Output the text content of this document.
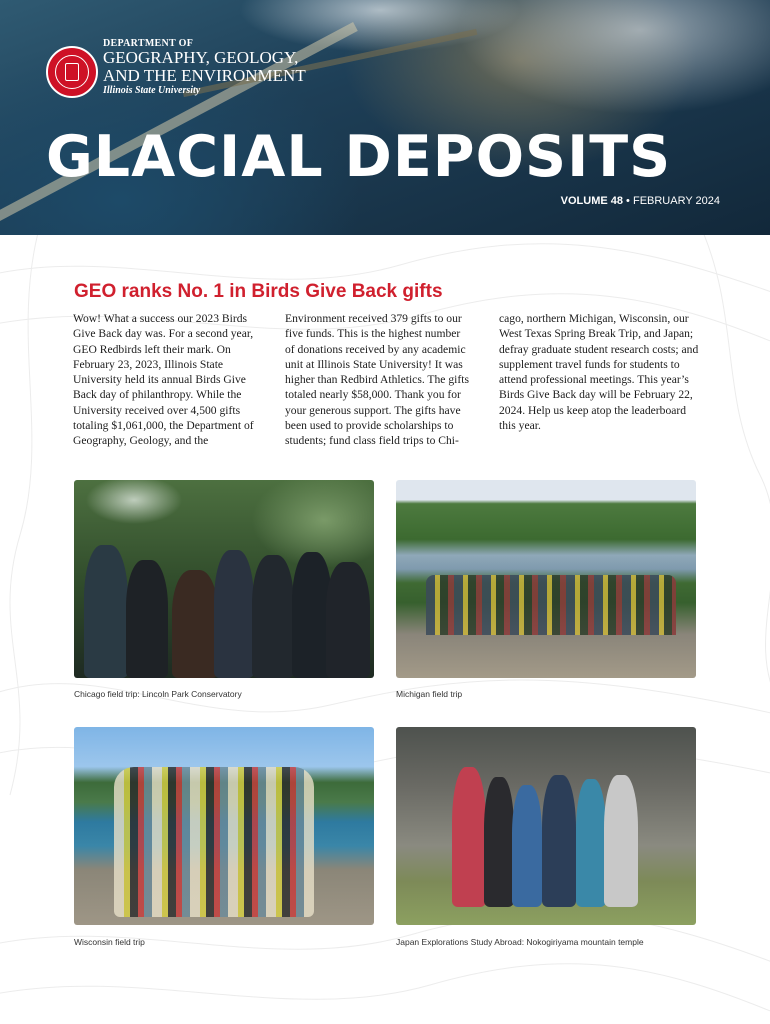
DEPARTMENT OF
GEOGRAPHY, GEOLOGY,
AND THE ENVIRONMENT
Illinois State University
GLACIAL DEPOSITS
VOLUME 48 • FEBRUARY 2024
GEO ranks No. 1 in Birds Give Back gifts

Wow! What a success our 2023 Birds Give Back day was. For a second year, GEO Redbirds left their mark. On February 23, 2023, Illinois State University held its annual Birds Give Back day of philanthropy. While the University received over 4,500 gifts totaling $1,061,000, the Department of Geography, Geology, and the

Environment received 379 gifts to our five funds. This is the highest number of donations received by any academic unit at Illinois State University! It was higher than Redbird Athletics. The gifts totaled nearly $58,000. Thank you for your generous support. The gifts have been used to provide scholarships to students; fund class field trips to Chi-

cago, northern Michigan, Wisconsin, our West Texas Spring Break Trip, and Japan; defray graduate student research costs; and supplement travel funds for students to attend professional meetings. This year’s Birds Give Back day will be February 22, 2024. Help us keep atop the leaderboard this year.

Chicago field trip: Lincoln Park Conservatory	Michigan field trip
Wisconsin field trip	Japan Explorations Study Abroad: Nokogiriyama mountain temple
